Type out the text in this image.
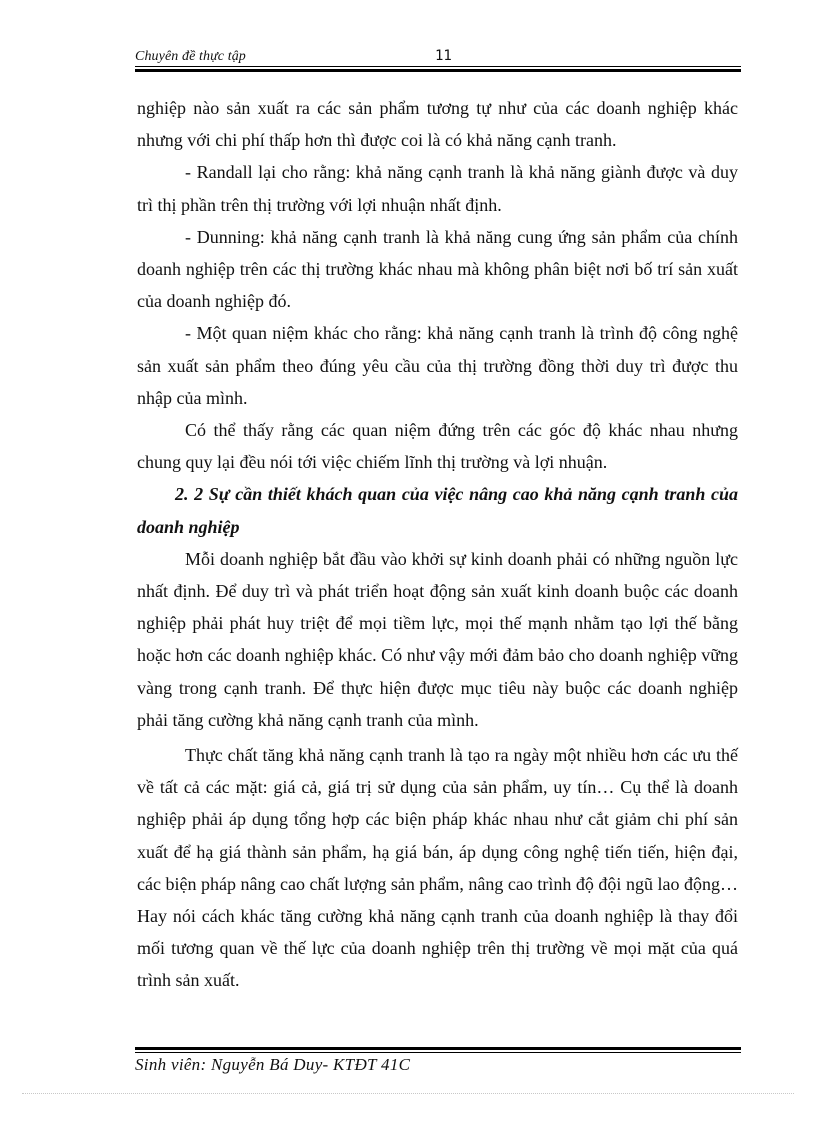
Chuyên đề thực tập	11

nghiệp nào sản xuất ra các sản phẩm tương tự như của các doanh nghiệp khác nhưng với chi phí thấp hơn thì được coi là có khả năng cạnh tranh.

- Randall lại cho rằng: khả năng cạnh tranh là khả năng giành được và duy trì thị phần trên thị trường với lợi nhuận nhất định.

- Dunning: khả năng cạnh tranh là khả năng cung ứng sản phẩm của chính doanh nghiệp trên các thị trường khác nhau mà không phân biệt nơi bố trí sản xuất của doanh nghiệp đó.

- Một quan niệm khác cho rằng: khả năng cạnh tranh là trình độ công nghệ sản xuất sản phẩm theo đúng yêu cầu của thị trường đồng thời duy trì được thu nhập của mình.

Có thể thấy rằng các quan niệm đứng trên các góc độ khác nhau nhưng chung quy lại đều nói tới việc chiếm lĩnh thị trường và lợi nhuận.

2. 2 Sự cần thiết khách quan của việc nâng cao khả năng cạnh tranh của doanh nghiệp

Mỗi doanh nghiệp bắt đầu vào khởi sự kinh doanh phải có những nguồn lực nhất định. Để duy trì và phát triển hoạt động sản xuất kinh doanh buộc các doanh nghiệp phải phát huy triệt để mọi tiềm lực, mọi thế mạnh nhằm tạo lợi thế bằng hoặc hơn các doanh nghiệp khác. Có như vậy mới đảm bảo cho doanh nghiệp vững vàng trong cạnh tranh. Để thực hiện được mục tiêu này buộc các doanh nghiệp phải tăng cường khả năng cạnh tranh của mình.

Thực chất tăng khả năng cạnh tranh là tạo ra ngày một nhiều hơn các ưu thế về tất cả các mặt: giá cả, giá trị sử dụng của sản phẩm, uy tín… Cụ thể là doanh nghiệp phải áp dụng tổng hợp các biện pháp khác nhau như cắt giảm chi phí sản xuất để hạ giá thành sản phẩm, hạ giá bán, áp dụng công nghệ tiến tiến, hiện đại, các biện pháp nâng cao chất lượng sản phẩm, nâng cao trình độ đội ngũ lao động… Hay nói cách khác tăng cường khả năng cạnh tranh của doanh nghiệp là thay đổi mối tương quan về thế lực của doanh nghiệp trên thị trường về mọi mặt của quá trình sản xuất.

Sinh viên: Nguyễn Bá Duy- KTĐT 41C
